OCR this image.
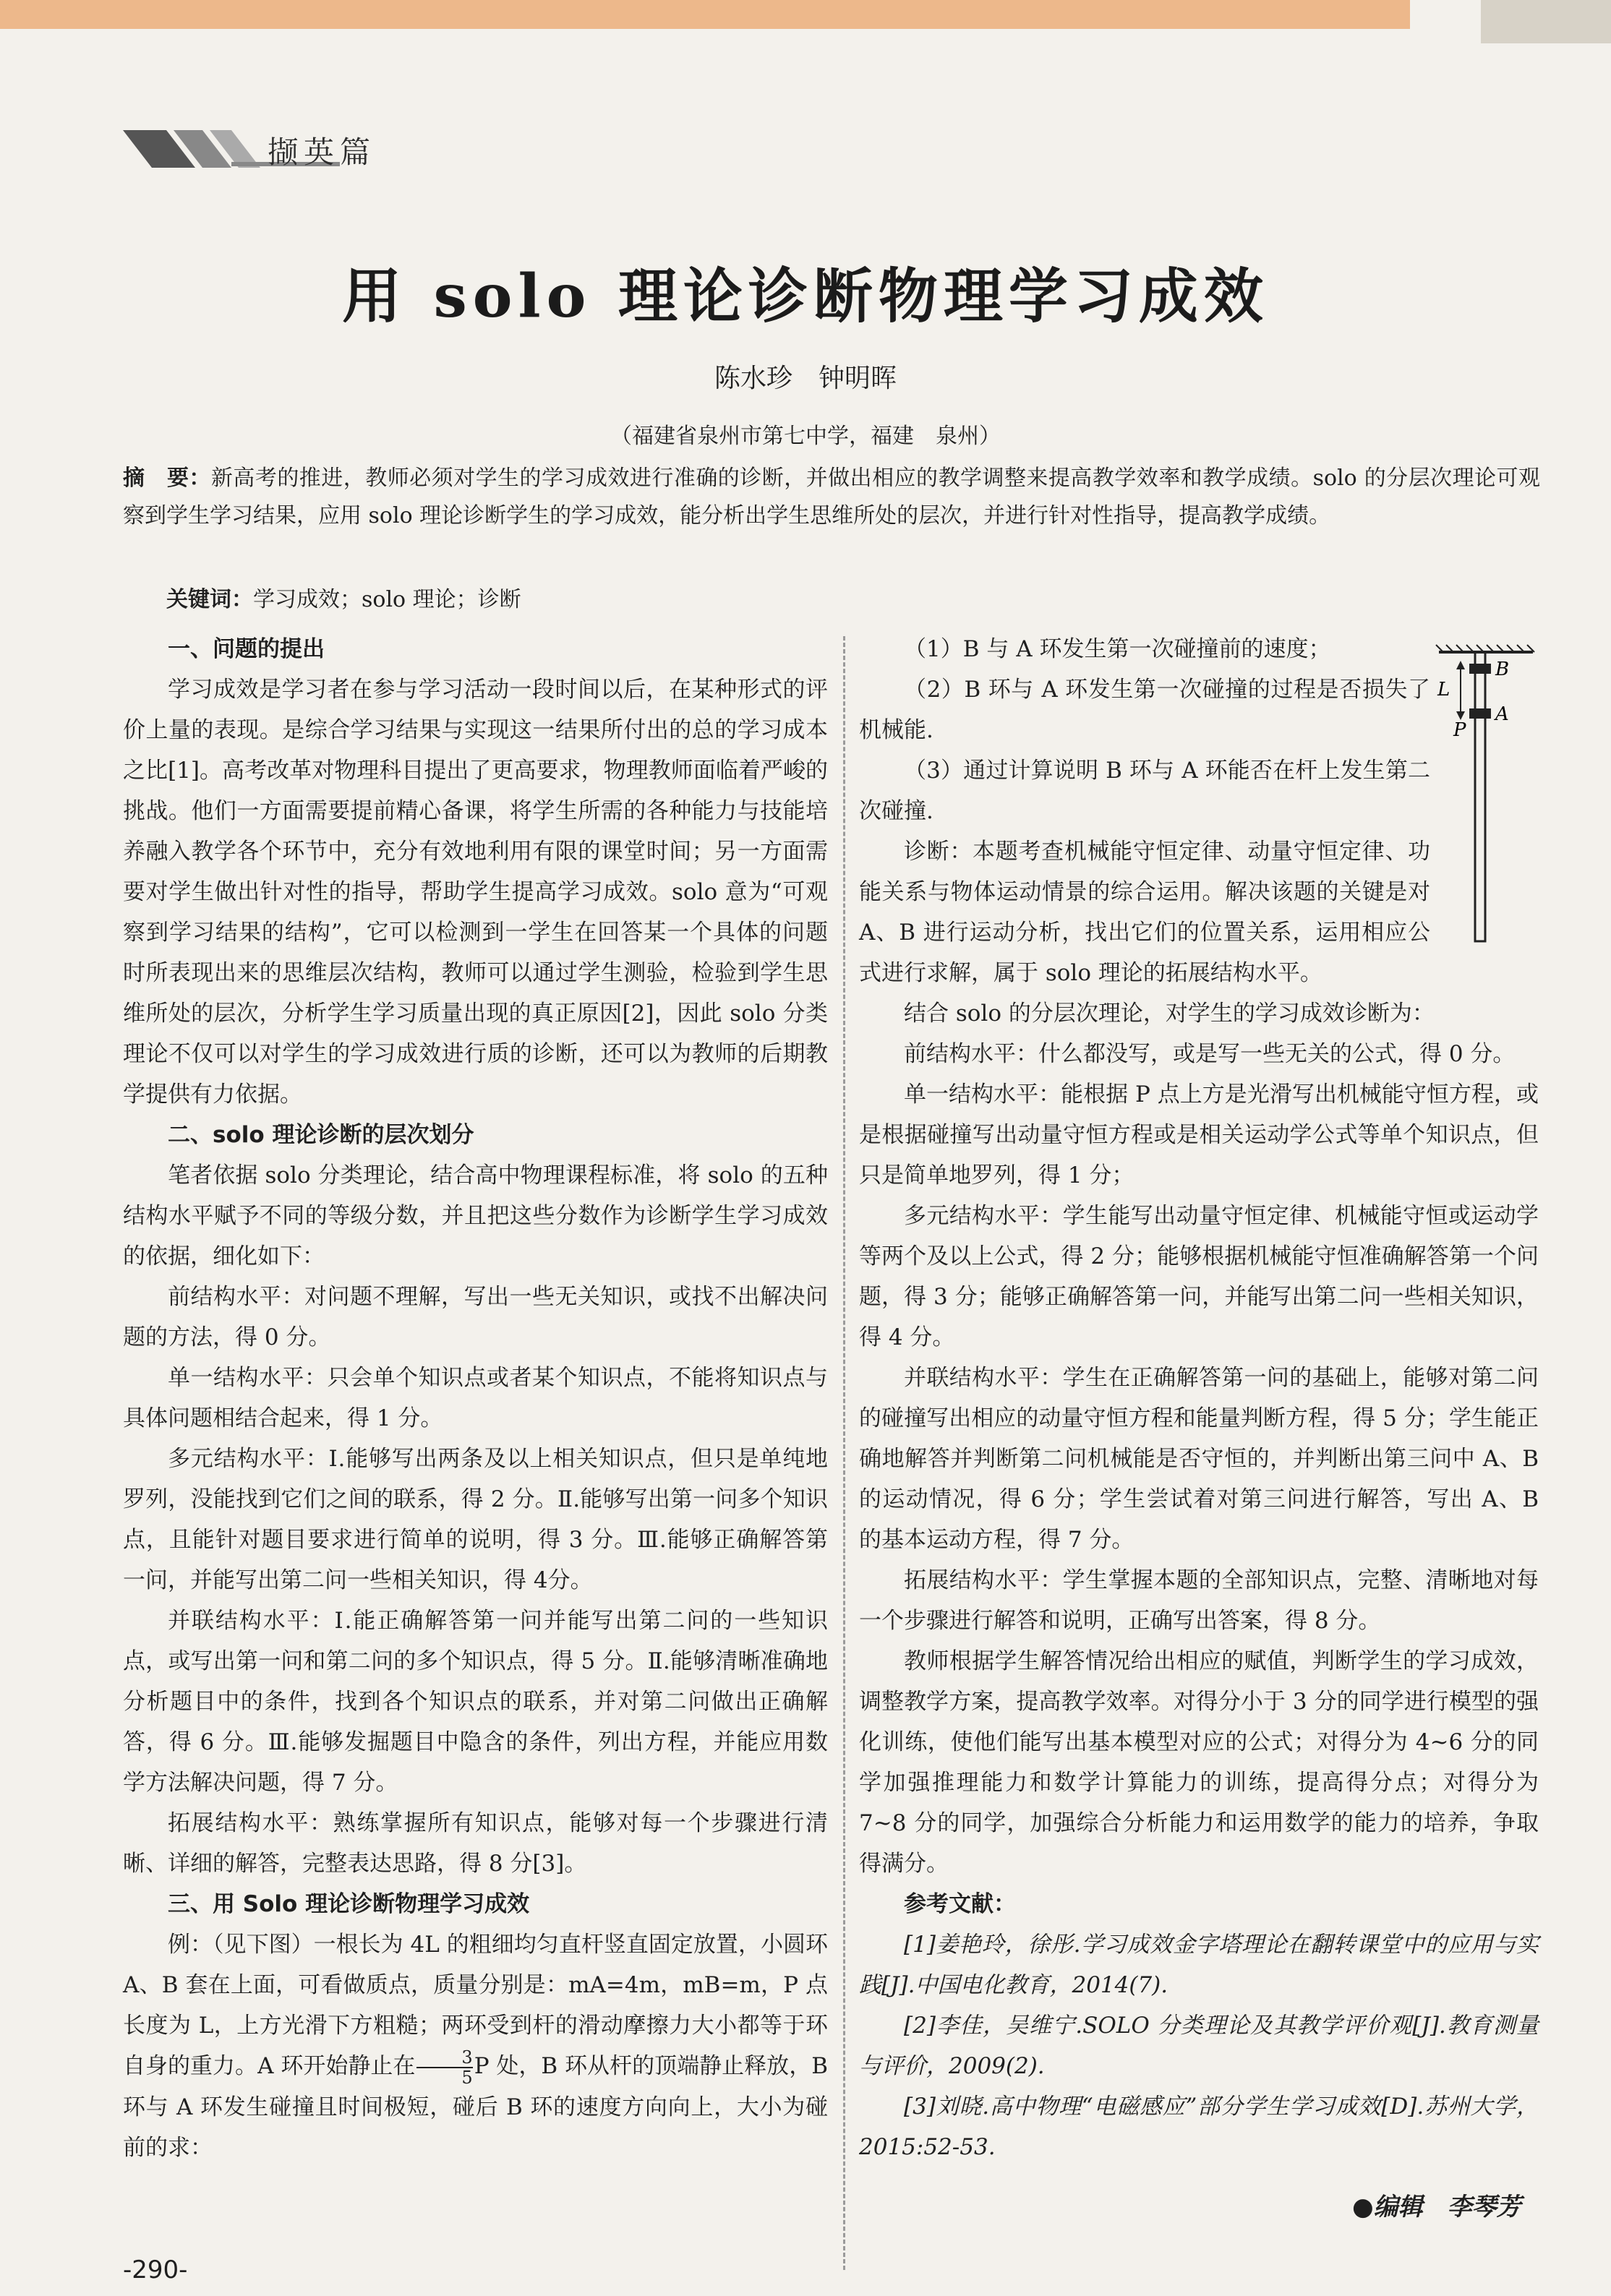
撷英篇
用 solo 理论诊断物理学习成效
陈水珍　钟明晖
（福建省泉州市第七中学，福建　泉州）
摘　要：新高考的推进，教师必须对学生的学习成效进行准确的诊断，并做出相应的教学调整来提高教学效率和教学成绩。solo 的分层次理论可观察到学生学习结果，应用 solo 理论诊断学生的学习成效，能分析出学生思维所处的层次，并进行针对性指导，提高教学成绩。
关键词：学习成效；solo 理论；诊断
一、问题的提出

学习成效是学习者在参与学习活动一段时间以后，在某种形式的评价上量的表现。是综合学习结果与实现这一结果所付出的总的学习成本之比[1]。高考改革对物理科目提出了更高要求，物理教师面临着严峻的挑战。他们一方面需要提前精心备课，将学生所需的各种能力与技能培养融入教学各个环节中，充分有效地利用有限的课堂时间；另一方面需要对学生做出针对性的指导，帮助学生提高学习成效。solo 意为“可观察到学习结果的结构”，它可以检测到一学生在回答某一个具体的问题时所表现出来的思维层次结构，教师可以通过学生测验，检验到学生思维所处的层次，分析学生学习质量出现的真正原因[2]，因此 solo 分类理论不仅可以对学生的学习成效进行质的诊断，还可以为教师的后期教学提供有力依据。

二、solo 理论诊断的层次划分

笔者依据 solo 分类理论，结合高中物理课程标准，将 solo 的五种结构水平赋予不同的等级分数，并且把这些分数作为诊断学生学习成效的依据，细化如下：

前结构水平：对问题不理解，写出一些无关知识，或找不出解决问题的方法，得 0 分。

单一结构水平：只会单个知识点或者某个知识点，不能将知识点与具体问题相结合起来，得 1 分。

多元结构水平：Ⅰ.能够写出两条及以上相关知识点，但只是单纯地罗列，没能找到它们之间的联系，得 2 分。Ⅱ.能够写出第一问多个知识点，且能针对题目要求进行简单的说明，得 3 分。Ⅲ.能够正确解答第一问，并能写出第二问一些相关知识，得 4分。

并联结构水平：Ⅰ.能正确解答第一问并能写出第二问的一些知识点，或写出第一问和第二问的多个知识点，得 5 分。Ⅱ.能够清晰准确地分析题目中的条件，找到各个知识点的联系，并对第二问做出正确解答，得 6 分。Ⅲ.能够发掘题目中隐含的条件，列出方程，并能应用数学方法解决问题，得 7 分。

拓展结构水平：熟练掌握所有知识点，能够对每一个步骤进行清晰、详细的解答，完整表达思路，得 8 分[3]。

三、用 Solo 理论诊断物理学习成效

例：（见下图）一根长为 4L 的粗细均匀直杆竖直固定放置，小圆环 A、B 套在上面，可看做质点，质量分别是：mA=4m，mB=m，P 点长度为 L，上方光滑下方粗糙；两环受到杆的滑动摩擦力大小都等于环自身的重力。A 环开始静止在 $\frac{3}{5}$ P 处，B 环从杆的顶端静止释放，B 环与 A 环发生碰撞且时间极短，碰后 B 环的速度方向向上，大小为碰前的求：

（1）B 与 A 环发生第一次碰撞前的速度；

（2）B 环与 A 环发生第一次碰撞的过程是否损失了机械能.

（3）通过计算说明 B 环与 A 环能否在杆上发生第二次碰撞.

诊断：本题考查机械能守恒定律、动量守恒定律、功能关系与物体运动情景的综合运用。解决该题的关键是对 A、B 进行运动分析，找出它们的位置关系，运用相应公式进行求解，属于 solo 理论的拓展结构水平。

结合 solo 的分层次理论，对学生的学习成效诊断为：

前结构水平：什么都没写，或是写一些无关的公式，得 0 分。

单一结构水平：能根据 P 点上方是光滑写出机械能守恒方程，或是根据碰撞写出动量守恒方程或是相关运动学公式等单个知识点，但只是简单地罗列，得 1 分；

多元结构水平：学生能写出动量守恒定律、机械能守恒或运动学等两个及以上公式，得 2 分；能够根据机械能守恒准确解答第一个问题，得 3 分；能够正确解答第一问，并能写出第二问一些相关知识，得 4 分。

并联结构水平：学生在正确解答第一问的基础上，能够对第二问的碰撞写出相应的动量守恒方程和能量判断方程，得 5 分；学生能正确地解答并判断第二问机械能是否守恒的，并判断出第三问中 A、B 的运动情况，得 6 分；学生尝试着对第三问进行解答，写出 A、B 的基本运动方程，得 7 分。

拓展结构水平：学生掌握本题的全部知识点，完整、清晰地对每一个步骤进行解答和说明，正确写出答案，得 8 分。

教师根据学生解答情况给出相应的赋值，判断学生的学习成效，调整教学方案，提高教学效率。对得分小于 3 分的同学进行模型的强化训练，使他们能写出基本模型对应的公式；对得分为 4~6 分的同学加强推理能力和数学计算能力的训练，提高得分点；对得分为 7~8 分的同学，加强综合分析能力和运用数学的能力的培养，争取得满分。

参考文献：

[1]姜艳玲，徐彤.学习成效金字塔理论在翻转课堂中的应用与实践[J].中国电化教育，2014(7).

[2]李佳，吴维宁.SOLO 分类理论及其教学评价观[J].教育测量与评价，2009(2).

[3]刘晓.高中物理“电磁感应”部分学生学习成效[D].苏州大学，2015:52-53.

B
A
L
P
●编辑　李琴芳
-290-
